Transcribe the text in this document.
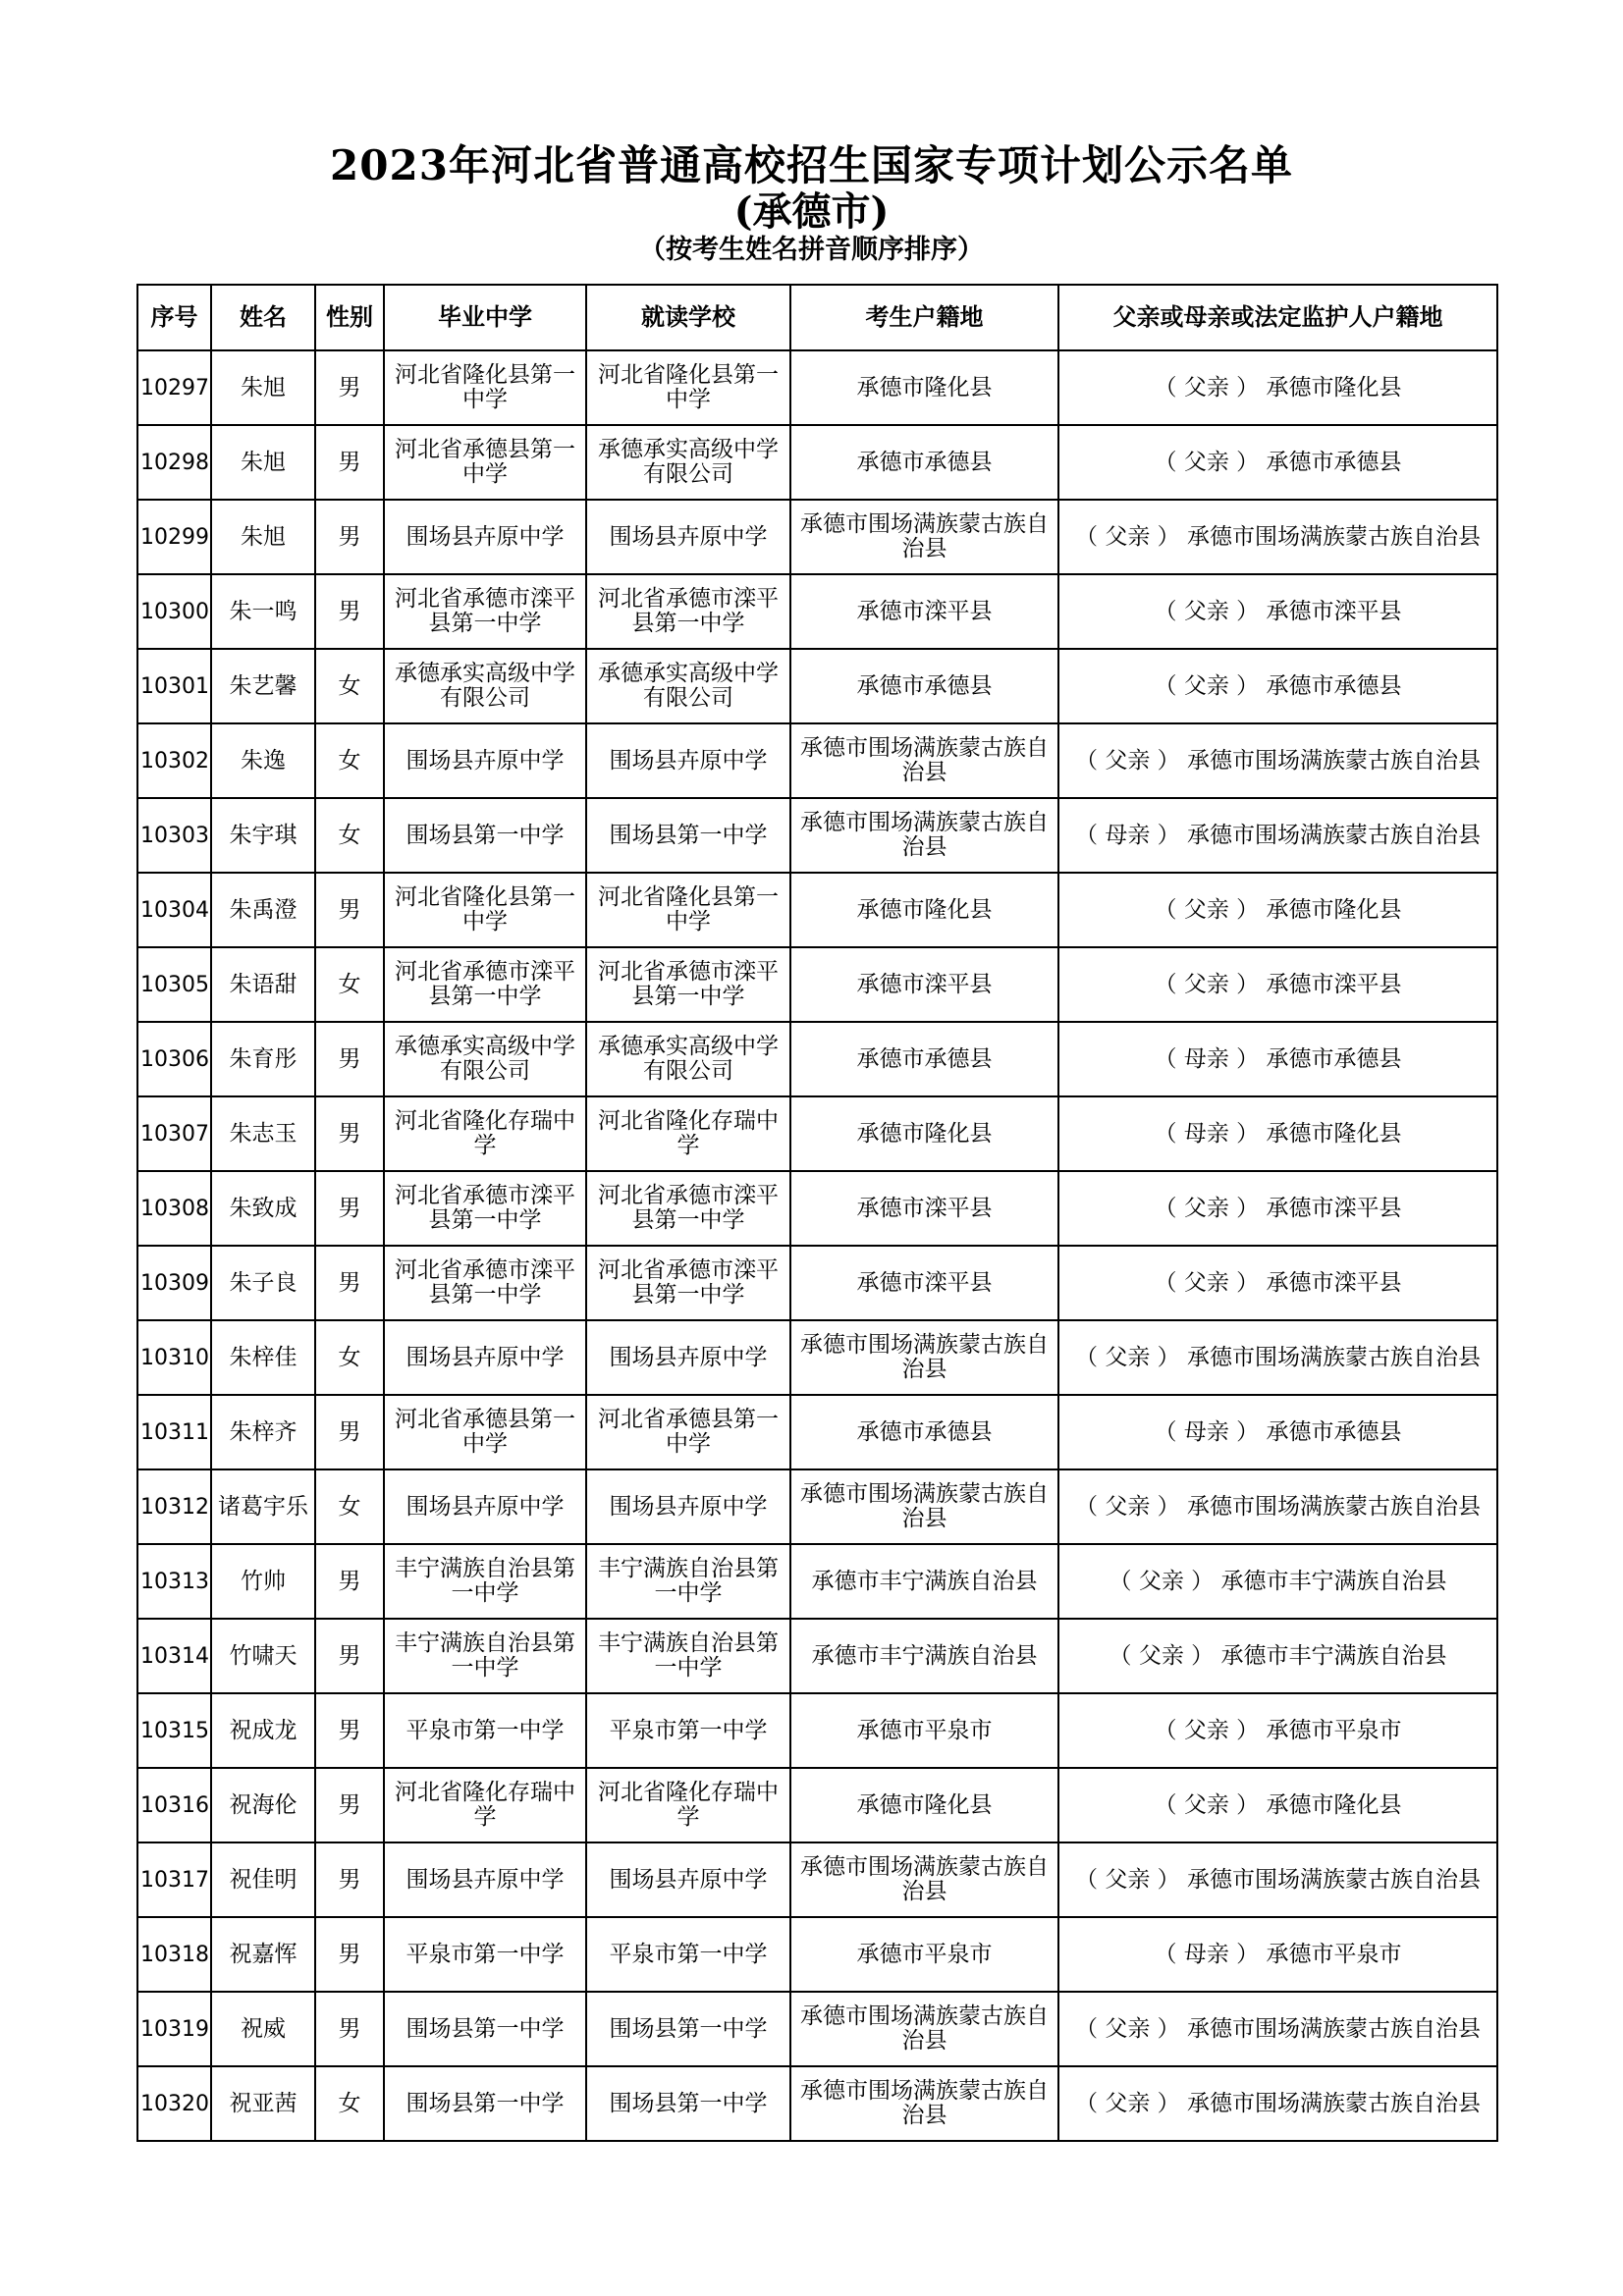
2023年河北省普通高校招生国家专项计划公示名单
(承德市)
（按考生姓名拼音顺序排序）
序号	姓名	性别	毕业中学	就读学校	考生户籍地	父亲或母亲或法定监护人户籍地
10297	朱旭	男	河北省隆化县第一中学	河北省隆化县第一中学	承德市隆化县	（ 父亲 ） 承德市隆化县
10298	朱旭	男	河北省承德县第一中学	承德承实高级中学有限公司	承德市承德县	（ 父亲 ） 承德市承德县
10299	朱旭	男	围场县卉原中学	围场县卉原中学	承德市围场满族蒙古族自治县	（ 父亲 ） 承德市围场满族蒙古族自治县
10300	朱一鸣	男	河北省承德市滦平县第一中学	河北省承德市滦平县第一中学	承德市滦平县	（ 父亲 ） 承德市滦平县
10301	朱艺馨	女	承德承实高级中学有限公司	承德承实高级中学有限公司	承德市承德县	（ 父亲 ） 承德市承德县
10302	朱逸	女	围场县卉原中学	围场县卉原中学	承德市围场满族蒙古族自治县	（ 父亲 ） 承德市围场满族蒙古族自治县
10303	朱宇琪	女	围场县第一中学	围场县第一中学	承德市围场满族蒙古族自治县	（ 母亲 ） 承德市围场满族蒙古族自治县
10304	朱禹澄	男	河北省隆化县第一中学	河北省隆化县第一中学	承德市隆化县	（ 父亲 ） 承德市隆化县
10305	朱语甜	女	河北省承德市滦平县第一中学	河北省承德市滦平县第一中学	承德市滦平县	（ 父亲 ） 承德市滦平县
10306	朱育彤	男	承德承实高级中学有限公司	承德承实高级中学有限公司	承德市承德县	（ 母亲 ） 承德市承德县
10307	朱志玉	男	河北省隆化存瑞中学	河北省隆化存瑞中学	承德市隆化县	（ 母亲 ） 承德市隆化县
10308	朱致成	男	河北省承德市滦平县第一中学	河北省承德市滦平县第一中学	承德市滦平县	（ 父亲 ） 承德市滦平县
10309	朱子良	男	河北省承德市滦平县第一中学	河北省承德市滦平县第一中学	承德市滦平县	（ 父亲 ） 承德市滦平县
10310	朱梓佳	女	围场县卉原中学	围场县卉原中学	承德市围场满族蒙古族自治县	（ 父亲 ） 承德市围场满族蒙古族自治县
10311	朱梓齐	男	河北省承德县第一中学	河北省承德县第一中学	承德市承德县	（ 母亲 ） 承德市承德县
10312	诸葛宇乐	女	围场县卉原中学	围场县卉原中学	承德市围场满族蒙古族自治县	（ 父亲 ） 承德市围场满族蒙古族自治县
10313	竹帅	男	丰宁满族自治县第一中学	丰宁满族自治县第一中学	承德市丰宁满族自治县	（ 父亲 ） 承德市丰宁满族自治县
10314	竹啸天	男	丰宁满族自治县第一中学	丰宁满族自治县第一中学	承德市丰宁满族自治县	（ 父亲 ） 承德市丰宁满族自治县
10315	祝成龙	男	平泉市第一中学	平泉市第一中学	承德市平泉市	（ 父亲 ） 承德市平泉市
10316	祝海伦	男	河北省隆化存瑞中学	河北省隆化存瑞中学	承德市隆化县	（ 父亲 ） 承德市隆化县
10317	祝佳明	男	围场县卉原中学	围场县卉原中学	承德市围场满族蒙古族自治县	（ 父亲 ） 承德市围场满族蒙古族自治县
10318	祝嘉恽	男	平泉市第一中学	平泉市第一中学	承德市平泉市	（ 母亲 ） 承德市平泉市
10319	祝威	男	围场县第一中学	围场县第一中学	承德市围场满族蒙古族自治县	（ 父亲 ） 承德市围场满族蒙古族自治县
10320	祝亚茜	女	围场县第一中学	围场县第一中学	承德市围场满族蒙古族自治县	（ 父亲 ） 承德市围场满族蒙古族自治县
